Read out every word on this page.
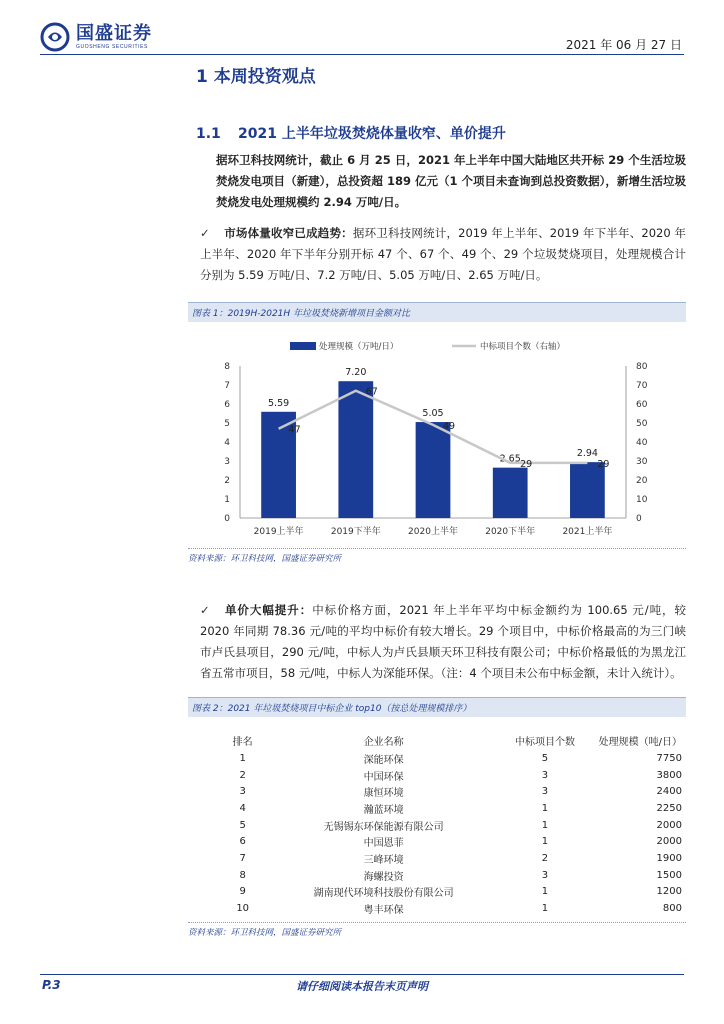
国盛证券
GUOSHENG SECURITIES	2021 年 06 月 27 日
1 本周投资观点
1.1 2021 上半年垃圾焚烧体量收窄、单价提升
据环卫科技网统计，截止 6 月 25 日，2021 年上半年中国大陆地区共开标 29 个生活垃圾焚烧发电项目（新建），总投资超 189 亿元（1 个项目未查询到总投资数据），新增生活垃圾焚烧发电处理规模约 2.94 万吨/日。
✓ 市场体量收窄已成趋势：据环卫科技网统计，2019 年上半年、2019 年下半年、2020 年上半年、2020 年下半年分别开标 47 个、67 个、49 个、29 个垃圾焚烧项目，处理规模合计分别为 5.59 万吨/日、7.2 万吨/日、5.05 万吨/日、2.65 万吨/日。
图表 1：2019H-2021H 年垃圾焚烧新增项目金额对比
处理规模（万吨/日）	中标项目个数（右轴）
0
1
2
3
4
5
6
7
8
0
10
20
30
40
50
60
70
80
5.59
7.20
5.05
2.65
2.94
47
67
49
29	29
2019上半年	2019下半年	2020上半年	2020下半年	2021上半年
资料来源：环卫科技网，国盛证券研究所
✓ 单价大幅提升：中标价格方面，2021 年上半年平均中标金额约为 100.65 元/吨，较 2020 年同期 78.36 元/吨的平均中标价有较大增长。29 个项目中，中标价格最高的为三门峡市卢氏县项目，290 元/吨，中标人为卢氏县顺天环卫科技有限公司；中标价格最低的为黑龙江省五常市项目，58 元/吨，中标人为深能环保。（注：4 个项目未公布中标金额，未计入统计）。
图表 2：2021 年垃圾焚烧项目中标企业 top10（按总处理规模排序）
排名	企业名称	中标项目个数	处理规模（吨/日）
1	深能环保	5	7750
2	中国环保	3	3800
3	康恒环境	3	2400
4	瀚蓝环境	1	2250
5	无锡锡东环保能源有限公司	1	2000
6	中国恩菲	1	2000
7	三峰环境	2	1900
8	海螺投资	3	1500
9	湖南现代环境科技股份有限公司	1	1200
10	粤丰环保	1	800
资料来源：环卫科技网，国盛证券研究所
P.3	请仔细阅读本报告末页声明
